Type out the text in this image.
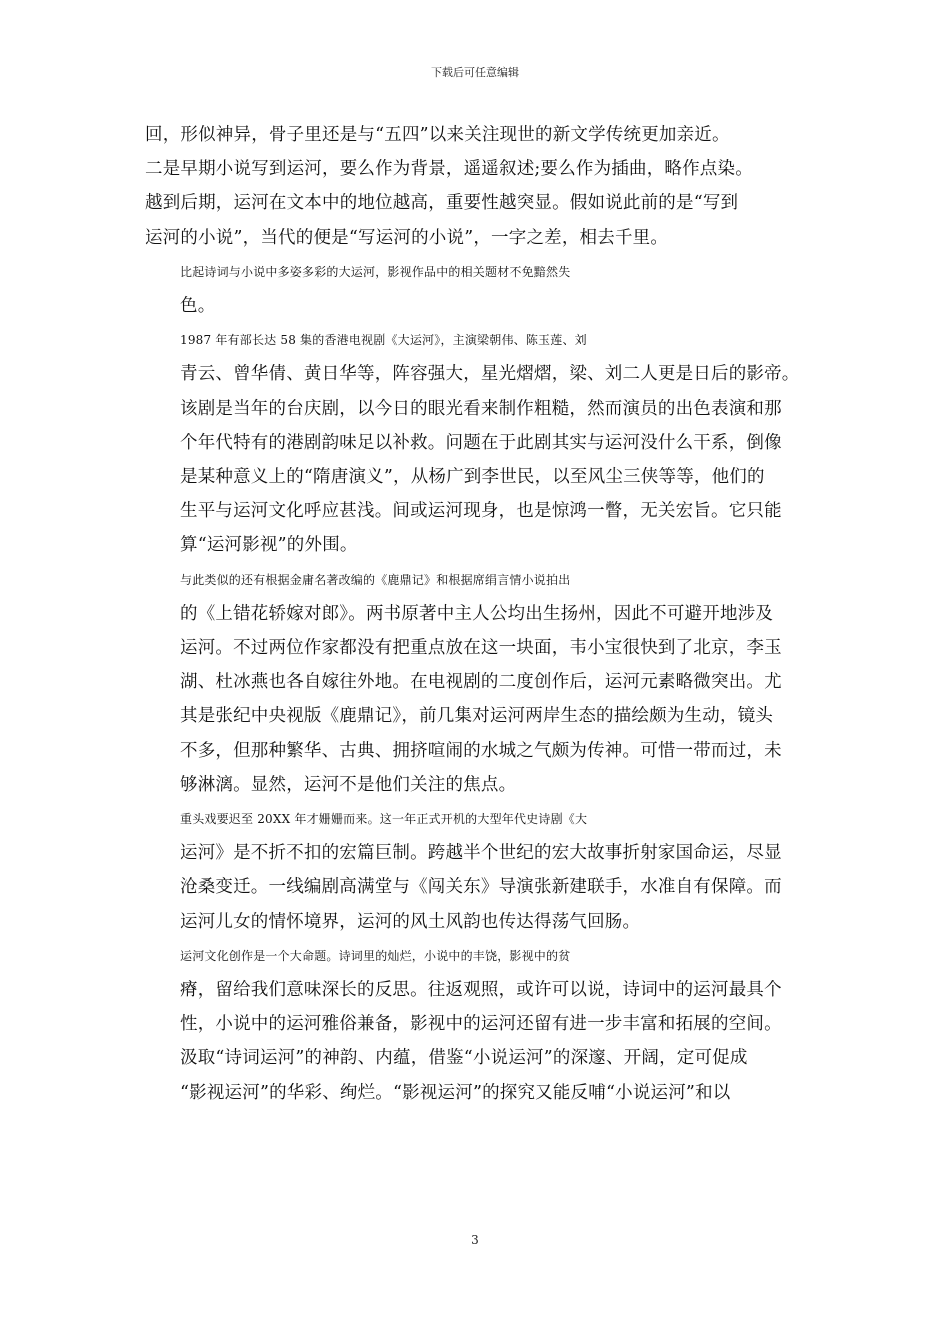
下载后可任意编辑

回，形似神异，骨子里还是与“五四”以来关注现世的新文学传统更加亲近。
二是早期小说写到运河，要么作为背景，遥遥叙述;要么作为插曲，略作点染。
越到后期，运河在文本中的地位越高，重要性越突显。假如说此前的是“写到
运河的小说”，当代的便是“写运河的小说”，一字之差，相去千里。

比起诗词与小说中多姿多彩的大运河，影视作品中的相关题材不免黯然失
色。

1987 年有部长达 58 集的香港电视剧《大运河》，主演梁朝伟、陈玉莲、刘
青云、曾华倩、黄日华等，阵容强大，星光熠熠，梁、刘二人更是日后的影帝。
该剧是当年的台庆剧，以今日的眼光看来制作粗糙，然而演员的出色表演和那
个年代特有的港剧韵味足以补救。问题在于此剧其实与运河没什么干系，倒像
是某种意义上的“隋唐演义”，从杨广到李世民，以至风尘三侠等等，他们的
生平与运河文化呼应甚浅。间或运河现身，也是惊鸿一瞥，无关宏旨。它只能
算“运河影视”的外围。

与此类似的还有根据金庸名著改编的《鹿鼎记》和根据席绢言情小说拍出
的《上错花轿嫁对郎》。两书原著中主人公均出生扬州，因此不可避开地涉及
运河。不过两位作家都没有把重点放在这一块面，韦小宝很快到了北京，李玉
湖、杜冰燕也各自嫁往外地。在电视剧的二度创作后，运河元素略微突出。尤
其是张纪中央视版《鹿鼎记》，前几集对运河两岸生态的描绘颇为生动，镜头
不多，但那种繁华、古典、拥挤喧闹的水城之气颇为传神。可惜一带而过，未
够淋漓。显然，运河不是他们关注的焦点。

重头戏要迟至 20XX 年才姗姗而来。这一年正式开机的大型年代史诗剧《大
运河》是不折不扣的宏篇巨制。跨越半个世纪的宏大故事折射家国命运，尽显
沧桑变迁。一线编剧高满堂与《闯关东》导演张新建联手，水准自有保障。而
运河儿女的情怀境界，运河的风土风韵也传达得荡气回肠。

运河文化创作是一个大命题。诗词里的灿烂，小说中的丰饶，影视中的贫
瘠，留给我们意味深长的反思。往返观照，或许可以说，诗词中的运河最具个
性，小说中的运河雅俗兼备，影视中的运河还留有进一步丰富和拓展的空间。
汲取“诗词运河”的神韵、内蕴，借鉴“小说运河”的深邃、开阔，定可促成
“影视运河”的华彩、绚烂。“影视运河”的探究又能反哺“小说运河”和以

3
